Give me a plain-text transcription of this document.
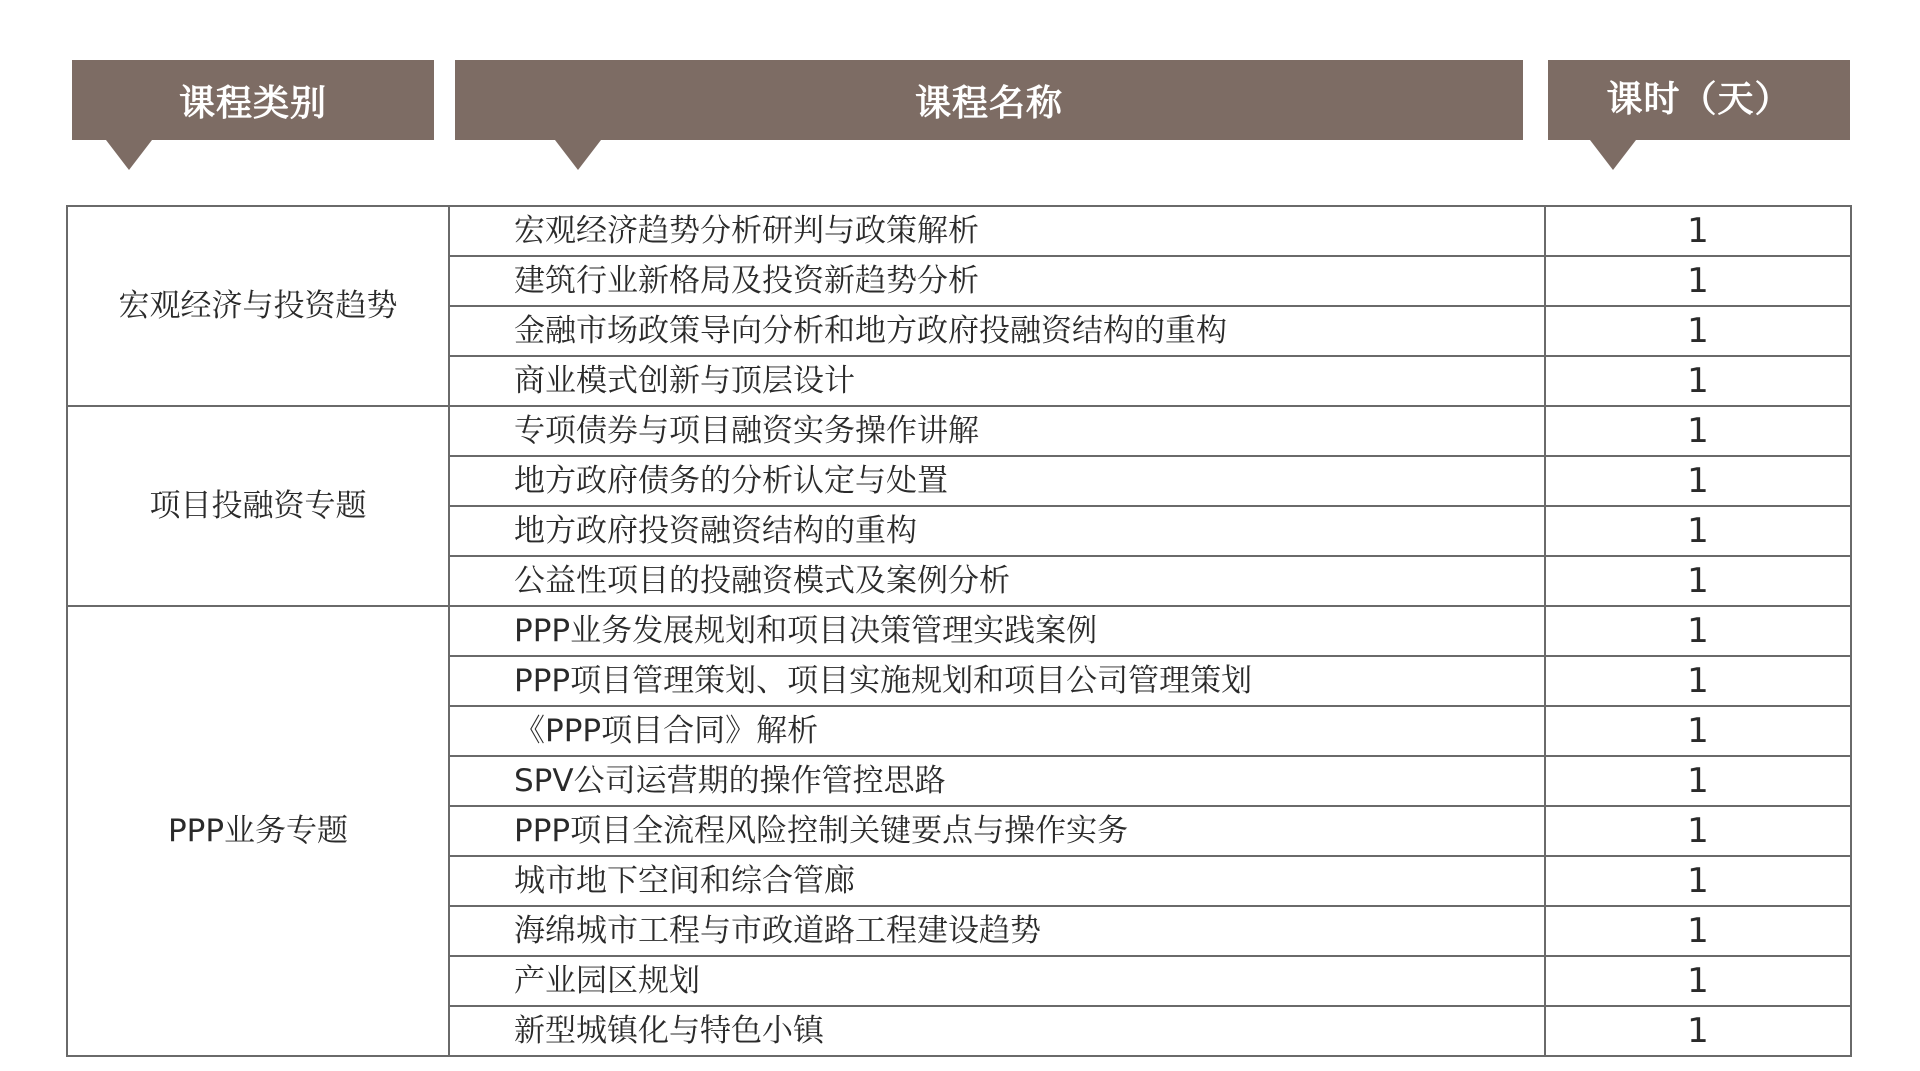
课程类别	课程名称	课时（天）
宏观经济与投资趋势	宏观经济趋势分析研判与政策解析	1
	建筑行业新格局及投资新趋势分析	1
	金融市场政策导向分析和地方政府投融资结构的重构	1
	商业模式创新与顶层设计	1
项目投融资专题	专项债券与项目融资实务操作讲解	1
	地方政府债务的分析认定与处置	1
	地方政府投资融资结构的重构	1
	公益性项目的投融资模式及案例分析	1
PPP业务专题	PPP业务发展规划和项目决策管理实践案例	1
	PPP项目管理策划、项目实施规划和项目公司管理策划	1
	《PPP项目合同》解析	1
	SPV公司运营期的操作管控思路	1
	PPP项目全流程风险控制关键要点与操作实务	1
	城市地下空间和综合管廊	1
	海绵城市工程与市政道路工程建设趋势	1
	产业园区规划	1
	新型城镇化与特色小镇	1
